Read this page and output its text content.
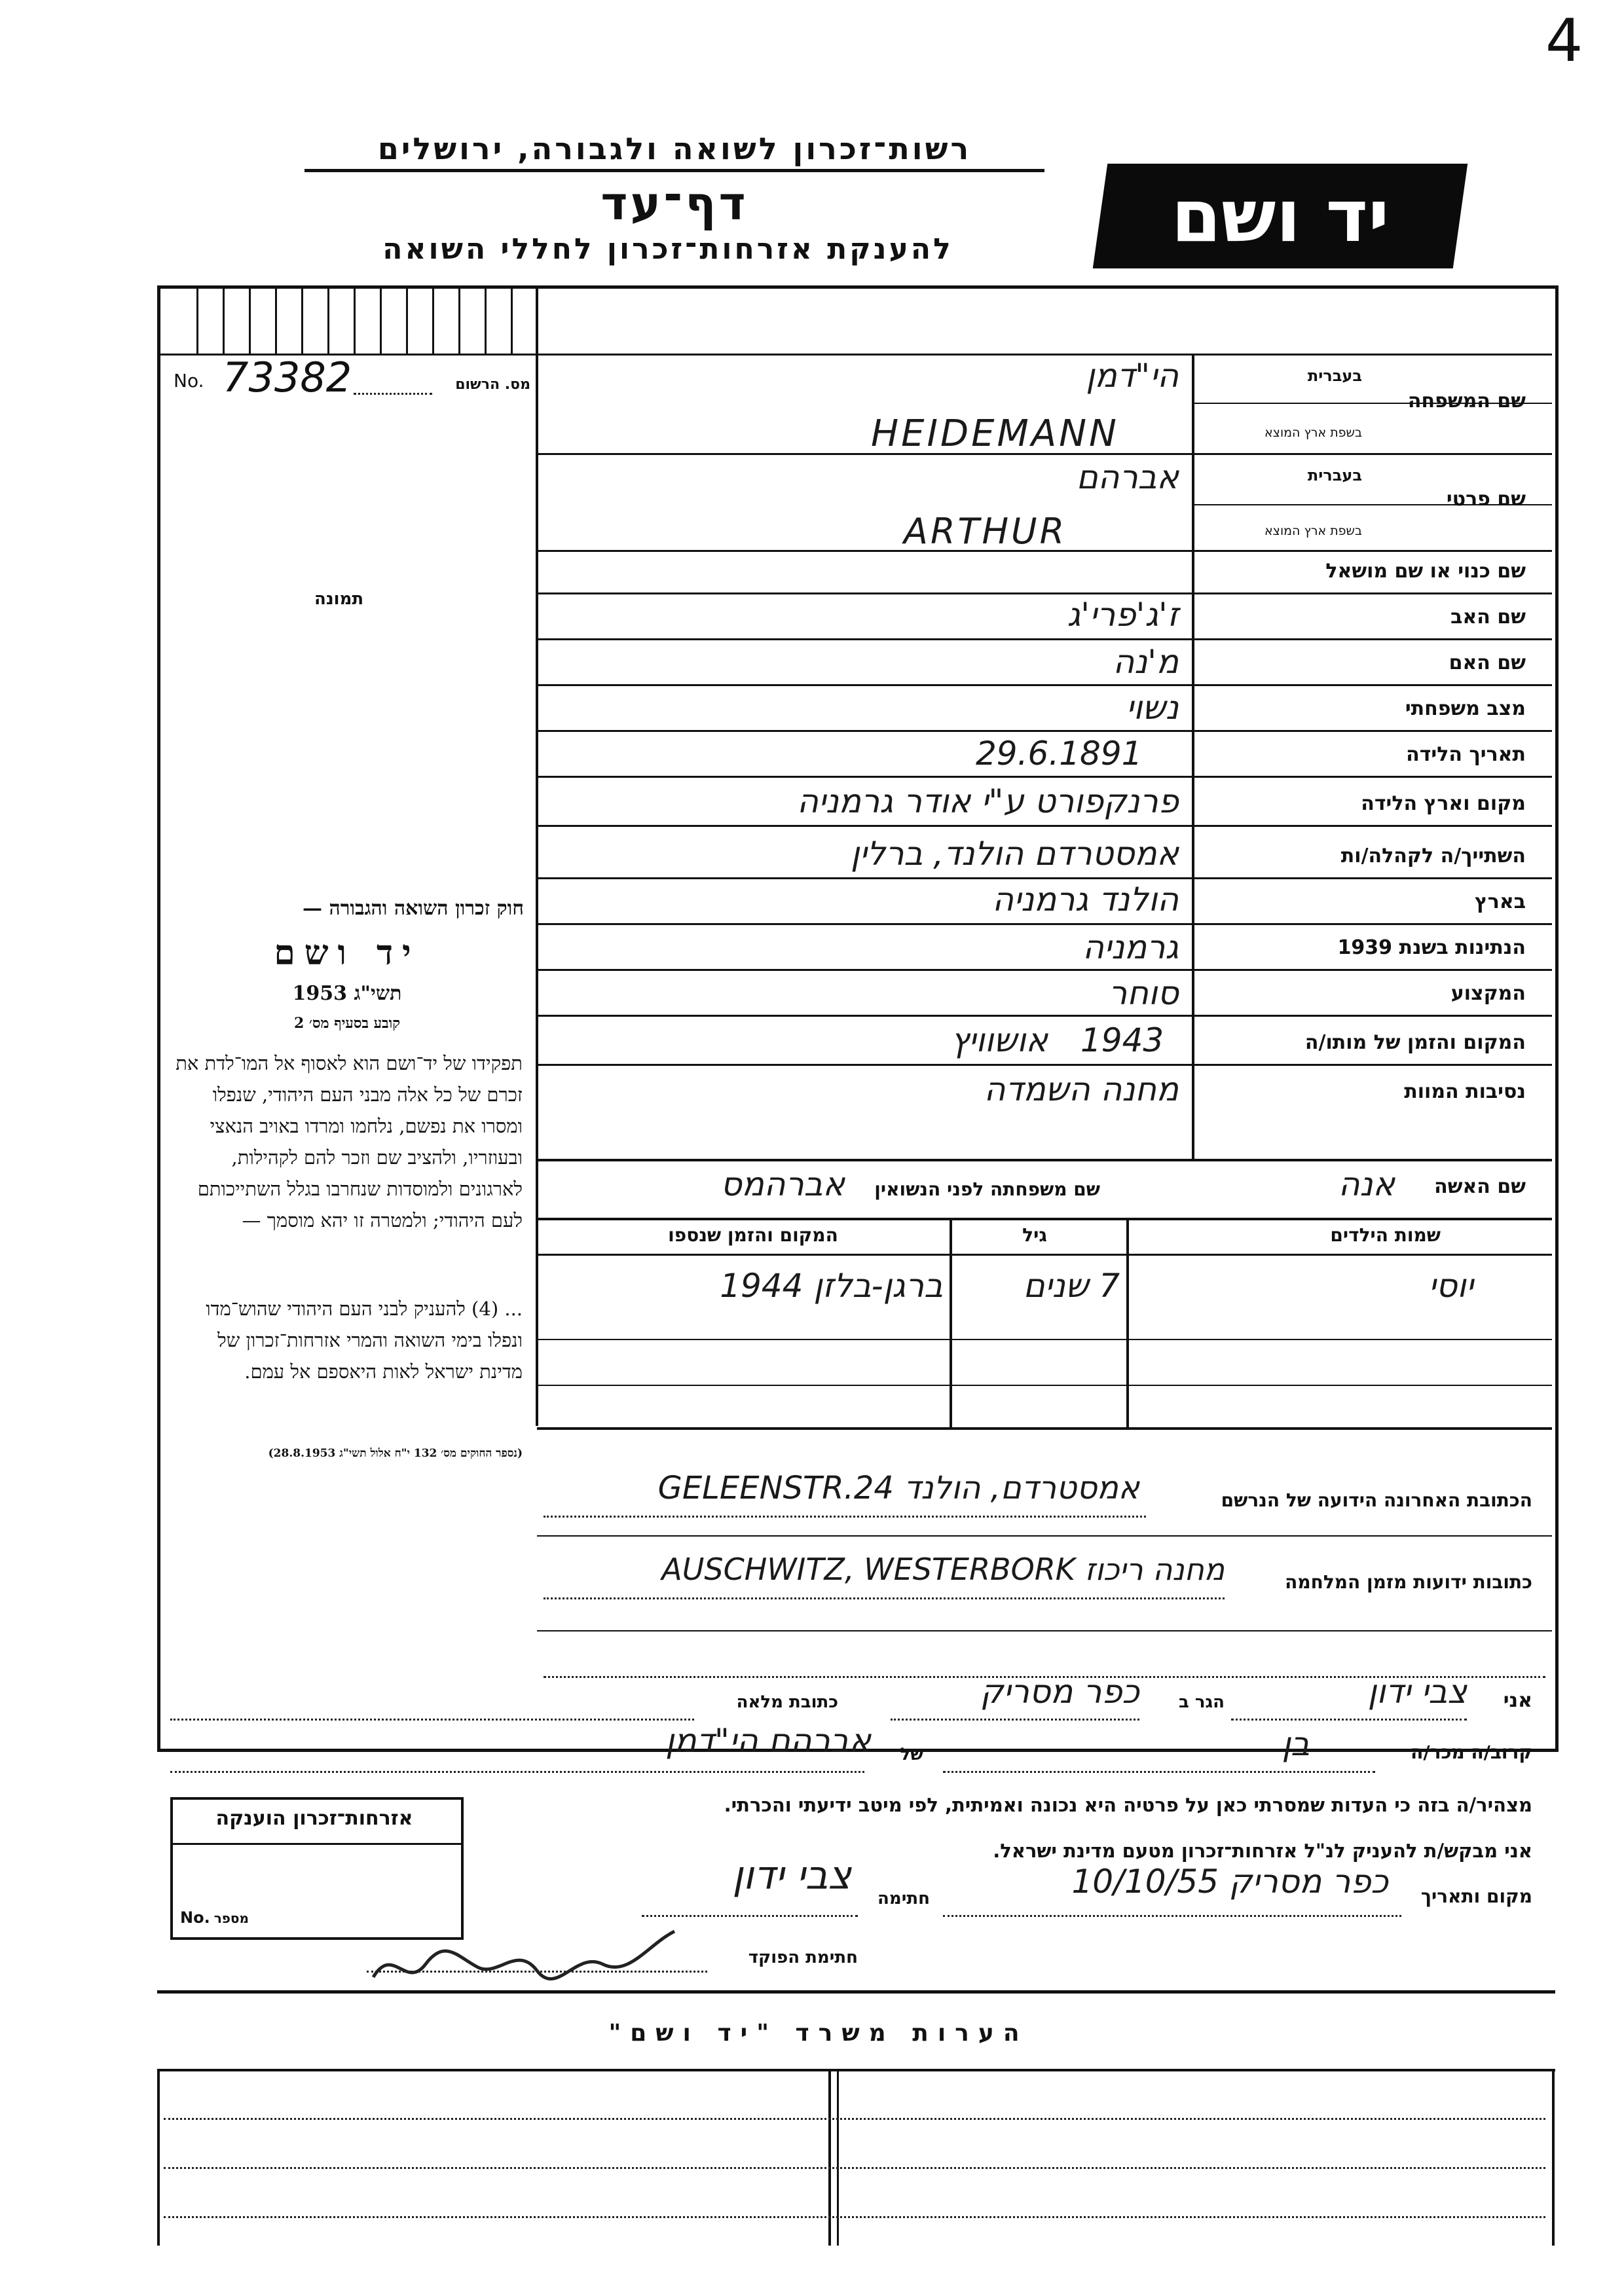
4
רשות־זכרון לשואה ולגבורה, ירושלים
דף־עד
להענקת אזרחות־זכרון לחללי השואה	יד ושם
No. 73382	מס. הרשום
תמונה
חוק זכרון השואה והגבורה —
יד ושם
תשי"ג 1953
קובע בסעיף מס׳ 2
תפקידו של יד־ושם הוא לאסוף אל המו־לדת את זכרם של כל אלה מבני העם היהודי, שנפלו ומסרו את נפשם, נלחמו ומרדו באויב הנאצי ובעוזריו, ולהציב שם וזכר להם לקהילות, לארגונים ולמוסדות שנחרבו בגלל השתייכותם לעם היהודי; ולמטרה זו יהא מוסמך —
... (4) להעניק לבני העם היהודי שהוש־מדו ונפלו בימי השואה והמרי אזרחות־זכרון של מדינת ישראל לאות היאספם אל עמם.
(נספר החוקים מס׳ 132 י"ח אלול תשי"ג 28.8.1953)
שם המשפחה
בעברית
בשפת ארץ המוצא
הי"דמן
HEIDEMANN
שם פרטי
בעברית
בשפת ארץ המוצא
אברהם
ARTHUR
שם כנוי או שם מושאל
שם האב
ז'ג'פרי'ג
שם האם
מ'נה
מצב משפחתי
נשוי
תאריך הלידה
29.6.1891
מקום וארץ הלידה
פרנקפורט ע"י אודר גרמניה
השתייך/ה לקהלה/ות
אמסטרדם הולנד, ברלין
בארץ
הולנד גרמניה
הנתינות בשנת 1939
גרמניה
המקצוע
סוחר
המקום והזמן של מותו/ה
אושוויץ 1943
נסיבות המוות
מחנה השמדה
שם האשה
אנה
שם משפחתה לפני הנשואין
אברהמס
שמות הילדים
גיל
המקום והזמן שנספו
יוסי
7 שנים
ברגן-בלזן 1944
הכתובת האחרונה הידועה של הנרשם
אמסטרדם, הולנד GELEENSTR.24
כתובות ידועות מזמן המלחמה
מחנה ריכוז AUSCHWITZ, WESTERBORK
אני
צבי ידון
הגר ב
כפר מסריק
כתובת מלאה
קרוב/ה מכר/ה
בן
של
אברהם הי"דמן
מצהיר/ה בזה כי העדות שמסרתי כאן על פרטיה היא נכונה ואמיתית, לפי מיטב ידיעתי והכרתי.
אני מבקש/ת להעניק לנ"ל אזרחות־זכרון מטעם מדינת ישראל.
מקום ותאריך
כפר מסריק 10/10/55
חתימה
צבי ידון
חתימת הפוקד
אזרחות־זכרון הוענקה
No. מספר
הערות משרד "יד ושם"
